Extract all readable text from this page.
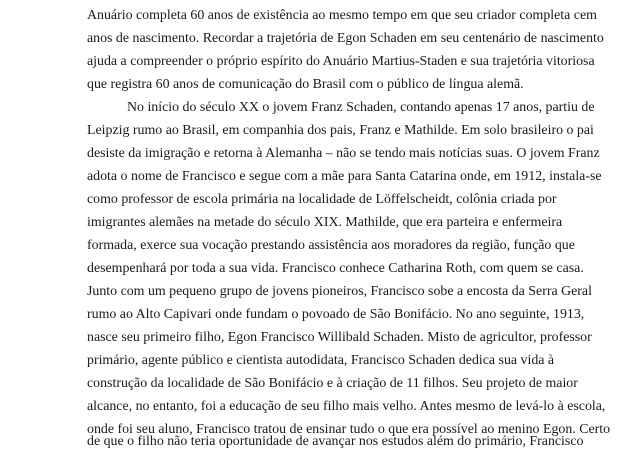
Anuário completa 60 anos de existência ao mesmo tempo em que seu criador completa cem
anos de nascimento. Recordar a trajetória de Egon Schaden em seu centenário de nascimento
ajuda a compreender o próprio espírito do Anuário Martius-Staden e sua trajetória vitoriosa
que registra 60 anos de comunicação do Brasil com o público de língua alemã.
No início do século XX o jovem Franz Schaden, contando apenas 17 anos, partiu de
Leipzig rumo ao Brasil, em companhia dos pais, Franz e Mathilde. Em solo brasileiro o pai
desiste da imigração e retorna à Alemanha – não se tendo mais notícias suas. O jovem Franz
adota o nome de Francisco e segue com a mãe para Santa Catarina onde, em 1912, instala-se
como professor de escola primária na localidade de Löffelscheidt, colônia criada por
imigrantes alemães na metade do século XIX. Mathilde, que era parteira e enfermeira
formada, exerce sua vocação prestando assistência aos moradores da região, função que
desempenhará por toda a sua vida. Francisco conhece Catharina Roth, com quem se casa.
Junto com um pequeno grupo de jovens pioneiros, Francisco sobe a encosta da Serra Geral
rumo ao Alto Capivari onde fundam o povoado de São Bonifácio. No ano seguinte, 1913,
nasce seu primeiro filho, Egon Francisco Willibald Schaden. Misto de agricultor, professor
primário, agente público e cientista autodidata, Francisco Schaden dedica sua vida à
construção da localidade de São Bonifácio e à criação de 11 filhos. Seu projeto de maior
alcance, no entanto, foi a educação de seu filho mais velho. Antes mesmo de levá-lo à escola,
onde foi seu aluno, Francisco tratou de ensinar tudo o que era possível ao menino Egon. Certo
de que o filho não teria oportunidade de avançar nos estudos além do primário, Francisco
